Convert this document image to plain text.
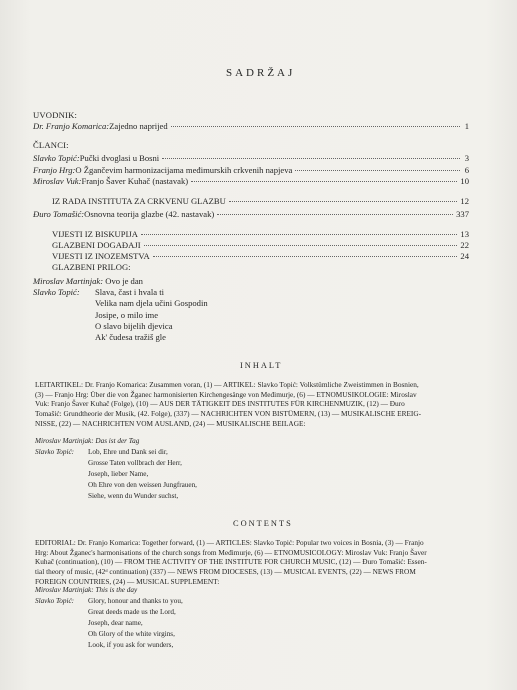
SADRŽAJ
UVODNIK:
Dr. Franjo Komarica: Zajedno naprijed	1
ČLANCI:
Slavko Topić: Pučki dvoglasi u Bosni	3
Franjo Hrg: O Žgančevim harmonizacijama međimurskih crkvenih napjeva	6
Miroslav Vuk: Franjo Šaver Kuhač (nastavak)	10
IZ RADA INSTITUTA ZA CRKVENU GLAZBU	12
Đuro Tomašić: Osnovna teorija glazbe (42. nastavak)	337
VIJESTI IZ BISKUPIJA	13
GLAZBENI DOGAĐAJI	22
VIJESTI IZ INOZEMSTVA	24
GLAZBENI PRILOG:
Miroslav Martinjak: Ovo je dan
Slavko Topić: Slava, čast i hvala ti
Velika nam djela učini Gospodin
Josipe, o milo ime
O slavo bijelih djevica
Ak' čudesa tražiš gle
INHALT
LEITARTIKEL: Dr. Franjo Komarica: Zusammen voran, (1) — ARTIKEL: Slavko Topić: Volkstümliche Zweistimmen in Bosnien,
(3) — Franjo Hrg: Über die von Žganec harmonisierten Kirchengesänge von Međimurje, (6) — ETNOMUSIKOLOGIE: Miroslav
Vuk: Franjo Šaver Kuhač (Folge), (10) — AUS DER TÄTIGKEIT DES INSTITUTES FÜR KIRCHENMUZIK, (12) — Đuro
Tomašić: Grundtheorie der Musik, (42. Folge), (337) — NACHRICHTEN VON BISTÜMERN, (13) — MUSIKALISCHE EREIG-
NISSE, (22) — NACHRICHTEN VOM AUSLAND, (24) — MUSIKALISCHE BEILAGE:
Miroslav Martinjak: Das ist der Tag
Slavko Topić: Lob, Ehre und Dank sei dir,
Grosse Taten vollbrach der Herr,
Joseph, lieber Name,
Oh Ehre von den weissen Jungfrauen,
Siehe, wenn du Wunder suchst,
CONTENTS
EDITORIAL: Dr. Franjo Komarica: Together forward, (1) — ARTICLES: Slavko Topić: Popular two voices in Bosnia, (3) — Franjo
Hrg: About Žganec's harmonisations of the church songs from Međimurje, (6) — ETNOMUSICOLOGY: Miroslav Vuk: Franjo Šaver
Kuhač (continuation), (10) — FROM THE ACTIVITY OF THE INSTITUTE FOR CHURCH MUSIC, (12) — Đuro Tomašić: Essen-
tial theory of music, (42ᵈ continuation) (337) — NEWS FROM DIOCESES, (13) — MUSICAL EVENTS, (22) — NEWS FROM
FOREIGN COUNTRIES, (24) — MUSICAL SUPPLEMENT:
Miroslav Martinjak: This is the day
Slavko Topić: Glory, honour and thanks to you,
Great deeds made us the Lord,
Joseph, dear name,
Oh Glory of the white virgins,
Look, if you ask for wunders,
